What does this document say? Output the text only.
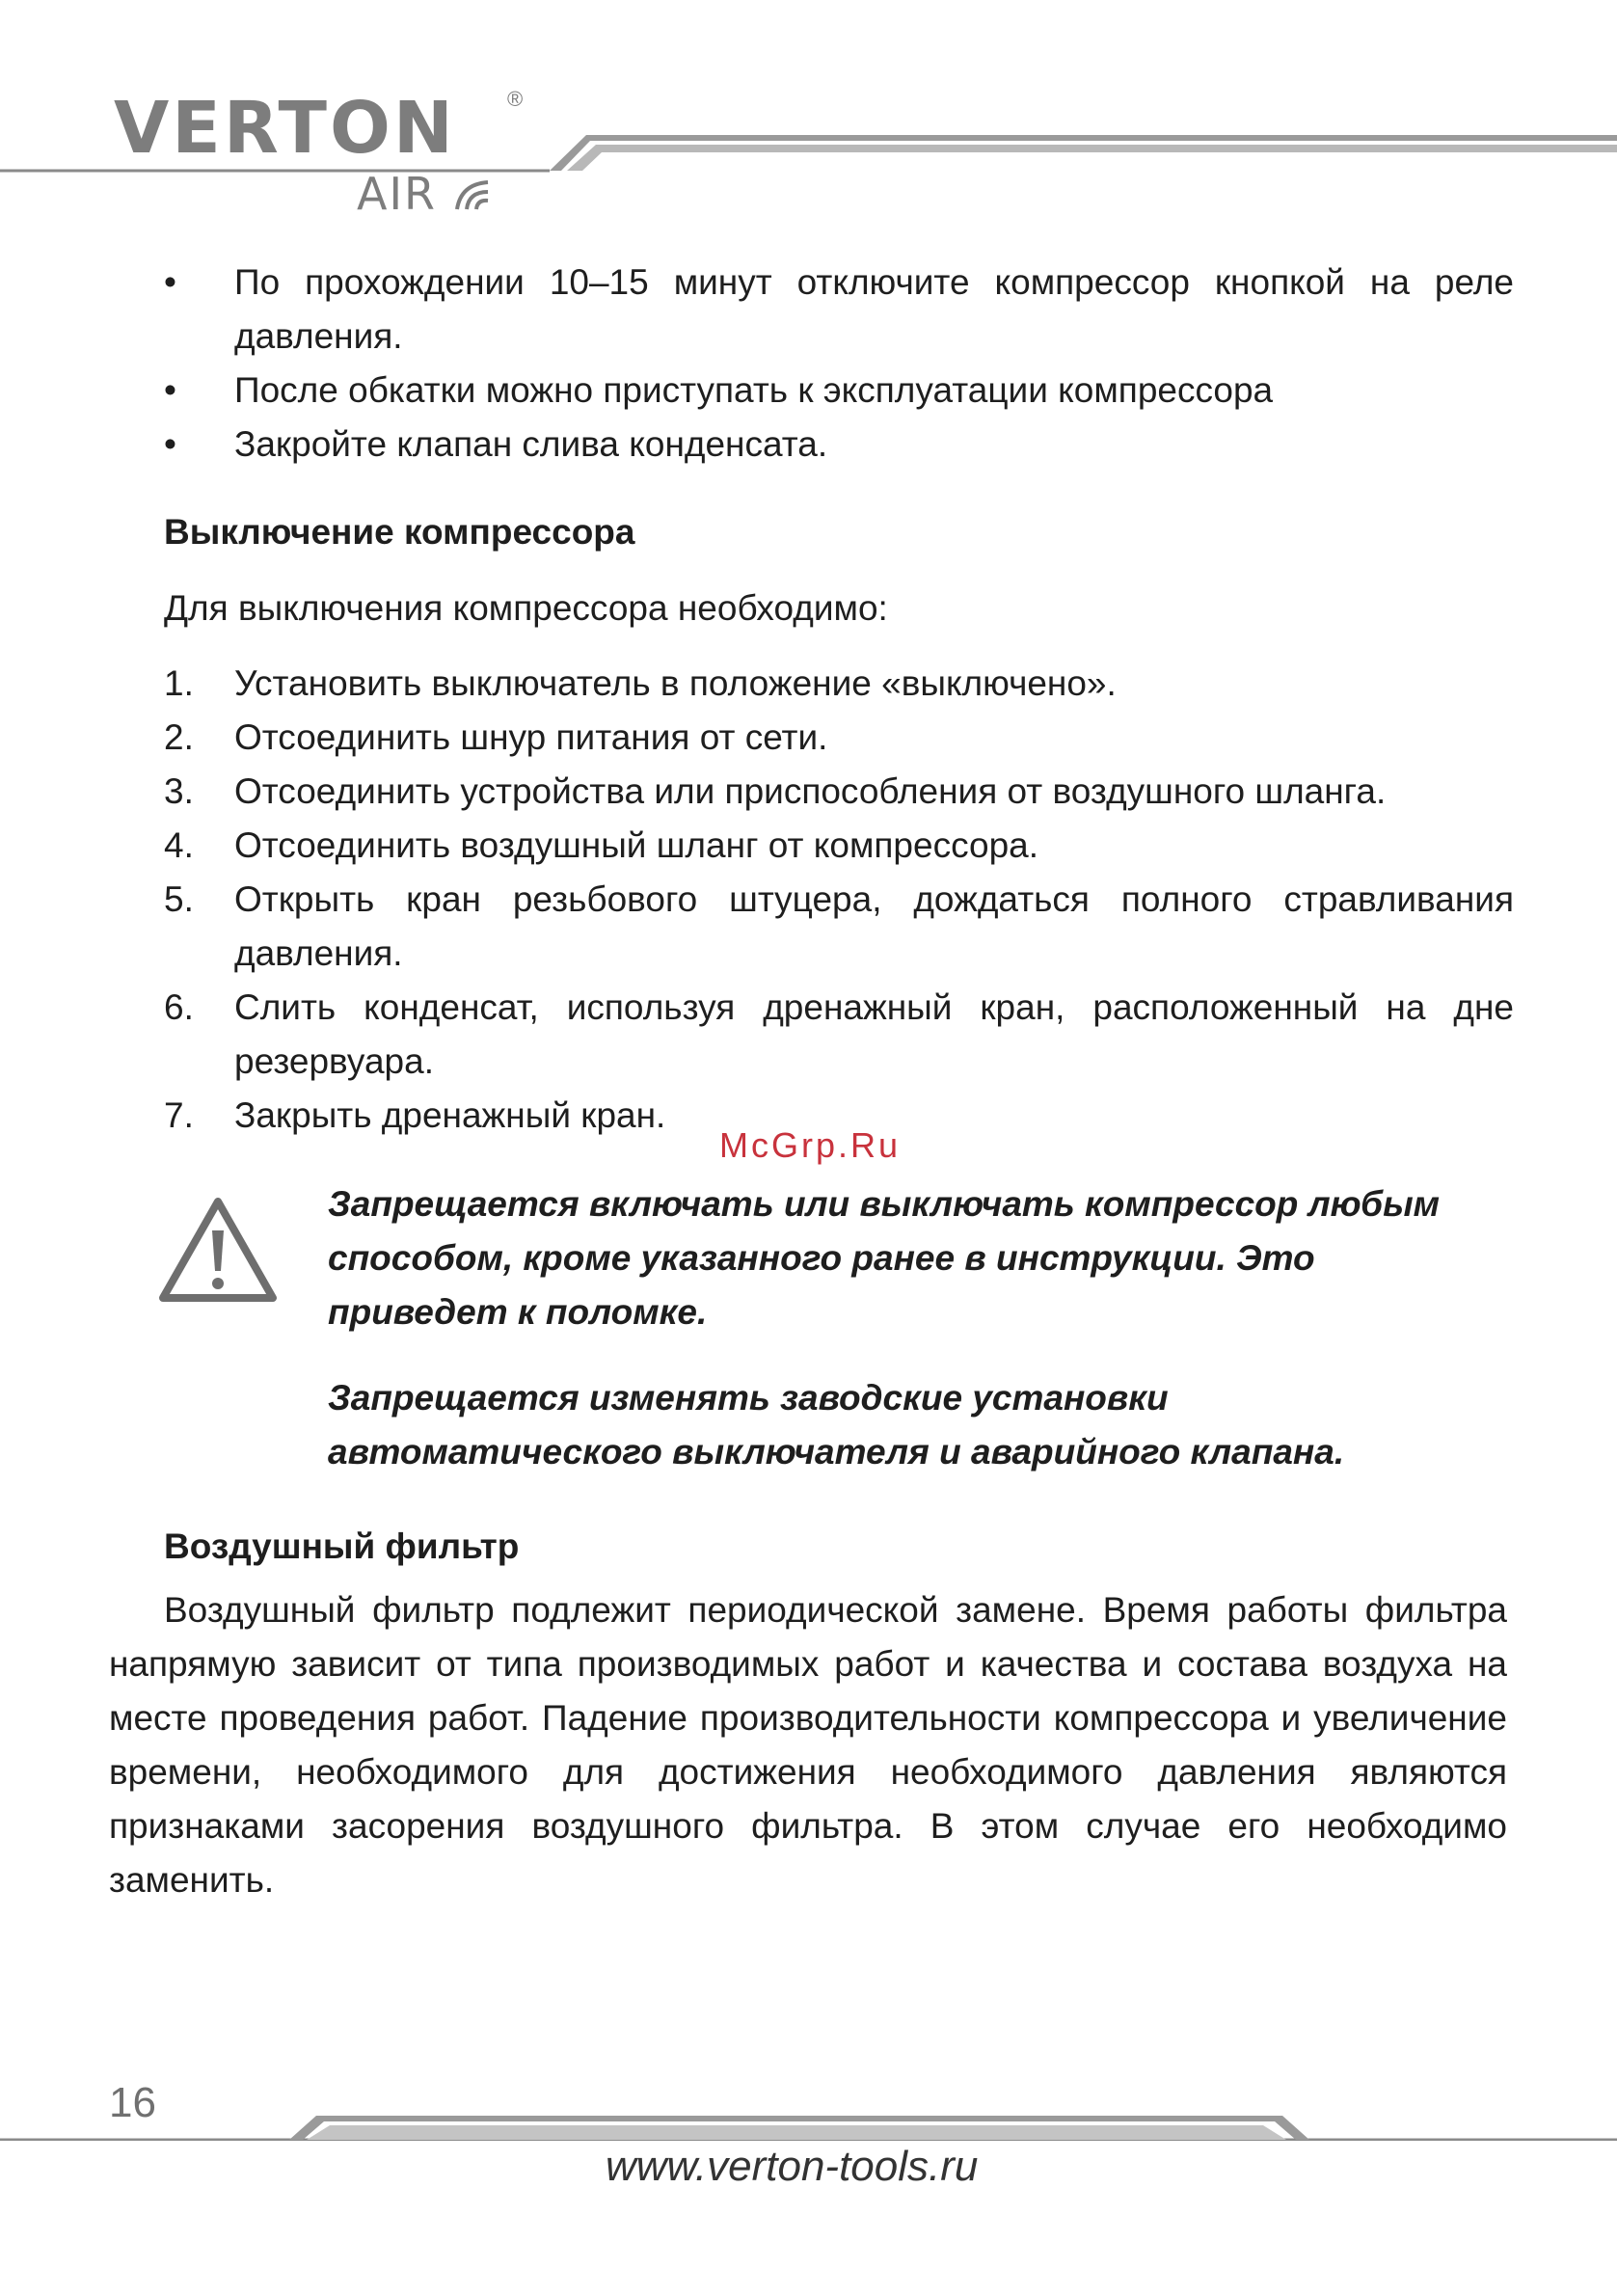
VERTON ®
AIR
• По прохождении 10–15 минут отключите компрессор кнопкой на реле давления.
• После обкатки можно приступать к эксплуатации компрессора
• Закройте клапан слива конденсата.
Выключение компрессора
Для выключения компрессора необходимо:
1. Установить выключатель в положение «выключено».
2. Отсоединить шнур питания от сети.
3. Отсоединить устройства или приспособления от воздушного шланга.
4. Отсоединить воздушный шланг от компрессора.
5. Открыть кран резьбового штуцера, дождаться полного стравливания давления.
6. Слить конденсат, используя дренажный кран, расположенный на дне резервуара.
7. Закрыть дренажный кран.
McGrp.Ru
Запрещается включать или выключать компрессор любым способом, кроме указанного ранее в инструкции. Это приведет к поломке.
Запрещается изменять заводские установки автоматического выключателя и аварийного клапана.
Воздушный фильтр
Воздушный фильтр подлежит периодической замене. Время работы фильтра напрямую зависит от типа производимых работ и качества и состава воздуха на месте проведения работ. Падение производительности компрессора и увеличение времени, необходимого для достижения необходимого давления являются признаками засорения воздушного фильтра. В этом случае его необходимо заменить.
16
www.verton-tools.ru
